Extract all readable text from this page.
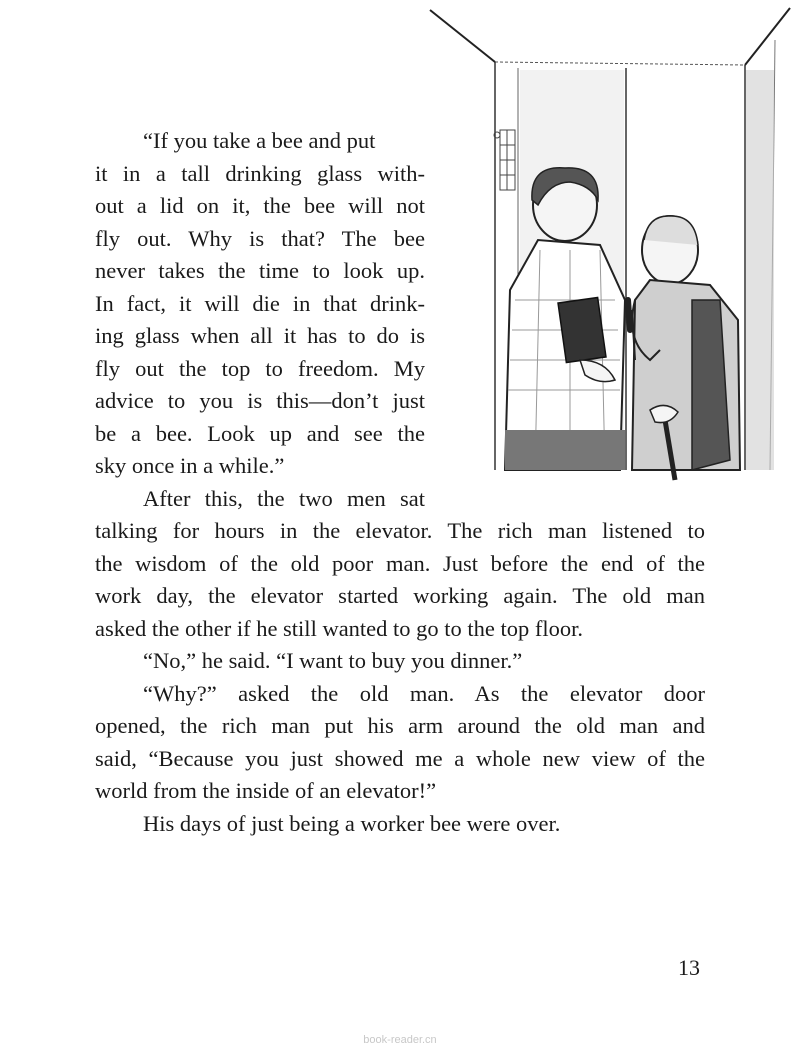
“If you take a bee and put
it in a tall drinking glass with-
out a lid on it, the bee will not
fly out. Why is that? The bee
never takes the time to look up.
In fact, it will die in that drink-
ing glass when all it has to do is
fly out the top to freedom. My
advice to you is this—don’t just
be a bee. Look up and see the
sky once in a while.”
After this, the two men sat
talking for hours in the elevator. The rich man listened to
the wisdom of the old poor man. Just before the end of the
work day, the elevator started working again. The old man
asked the other if he still wanted to go to the top floor.
“No,” he said. “I want to buy you dinner.”
“Why?” asked the old man. As the elevator door
opened, the rich man put his arm around the old man and
said, “Because you just showed me a whole new view of the
world from the inside of an elevator!”
His days of just being a worker bee were over.
13
book-reader.cn
